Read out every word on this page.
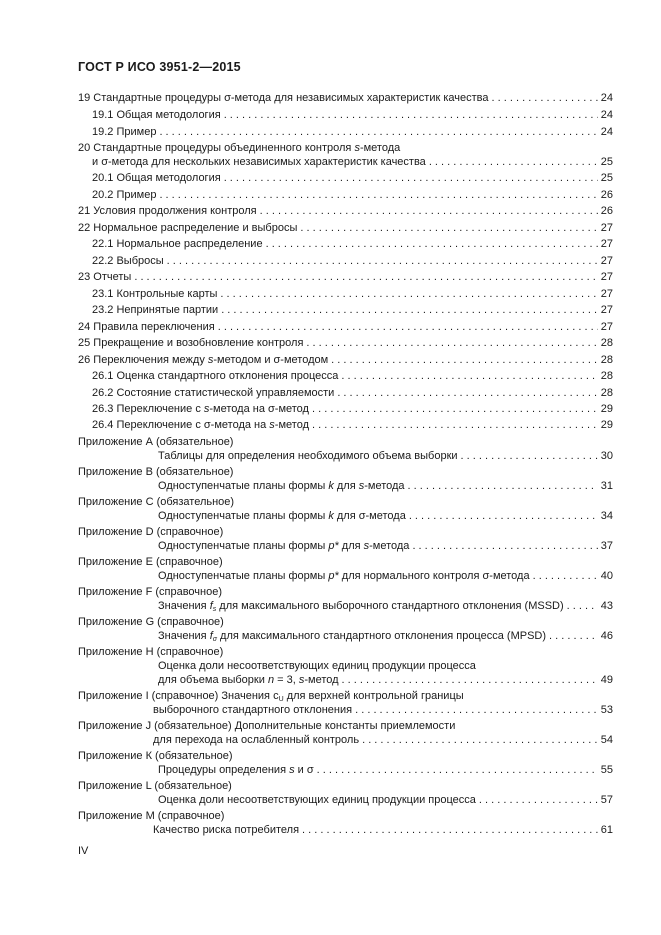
ГОСТ Р ИСО 3951-2—2015
19 Стандартные процедуры σ-метода для независимых характеристик качества . . .	24
19.1 Общая методология . . .	24
19.2 Пример . . .	24
20 Стандартные процедуры объединенного контроля s-метода
и σ-метода для нескольких независимых характеристик качества . . .	25
20.1 Общая методология . . .	25
20.2 Пример . . .	26
21 Условия продолжения контроля . . .	26
22 Нормальное распределение и выбросы . . .	27
22.1 Нормальное распределение . . .	27
22.2 Выбросы . . .	27
23 Отчеты . . .	27
23.1 Контрольные карты . . .	27
23.2 Непринятые партии . . .	27
24 Правила переключения . . .	27
25 Прекращение и возобновление контроля . . .	28
26 Переключения между s-методом и σ-методом . . .	28
26.1 Оценка стандартного отклонения процесса . . .	28
26.2 Состояние статистической управляемости . . .	28
26.3 Переключение с s-метода на σ-метод . . .	29
26.4 Переключение с σ-метода на s-метод . . .	29
Приложение А (обязательное)
Таблицы для определения необходимого объема выборки . . .	30
Приложение В (обязательное)
Одноступенчатые планы формы k для s-метода . . .	31
Приложение С (обязательное)
Одноступенчатые планы формы k для σ-метода . . .	34
Приложение D (справочное)
Одноступенчатые планы формы p* для s-метода . . .	37
Приложение Е (справочное)
Одноступенчатые планы формы p* для нормального контроля σ-метода . . .	40
Приложение F (справочное)
Значения $f_s$ для максимального выборочного стандартного отклонения (MSSD) . . .	43
Приложение G (справочное)
Значения $f_\sigma$ для максимального стандартного отклонения процесса (MPSD) . . .	46
Приложение Н (справочное)
Оценка доли несоответствующих единиц продукции процесса
для объема выборки n = 3, s-метод . . .	49
Приложение I (справочное) Значения $c_U$ для верхней контрольной границы
выборочного стандартного отклонения . . .	53
Приложение J (обязательное) Дополнительные константы приемлемости
для перехода на ослабленный контроль . . .	54
Приложение К (обязательное)
Процедуры определения s и σ . . .	55
Приложение L (обязательное)
Оценка доли несоответствующих единиц продукции процесса . . .	57
Приложение М (справочное)
Качество риска потребителя . . .	61
IV
